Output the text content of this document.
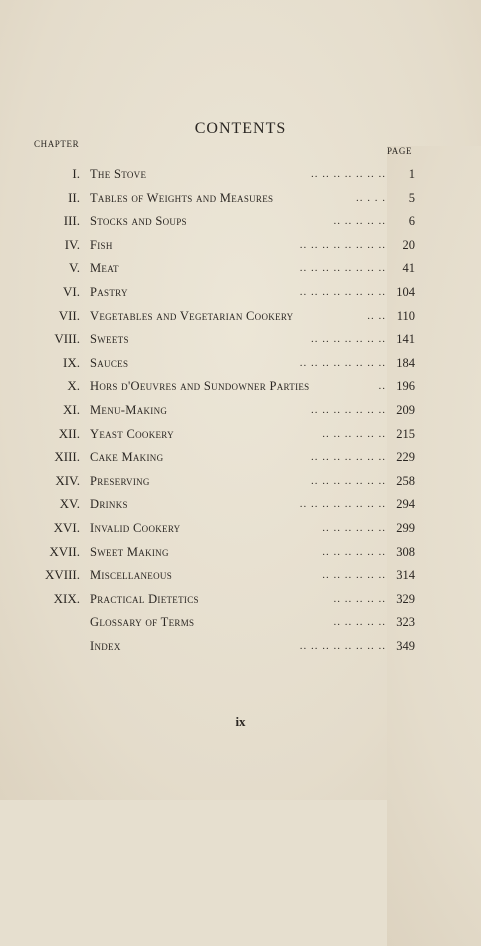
CONTENTS
CHAPTER
PAGE
.. .. .. .. .. .. ..
I. The Stove	1
.. . . .
II. Tables of Weights and Measures	5
.. .. .. .. ..
III. Stocks and Soups	6
.. .. .. .. .. .. .. ..
IV. Fish	20
.. .. .. .. .. .. .. ..
V. Meat	41
.. .. .. .. .. .. .. ..
VI. Pastry	104
.. ..
VII. Vegetables and Vegetarian Cookery	110
.. .. .. .. .. .. ..
VIII. Sweets	141
.. .. .. .. .. .. .. ..
IX. Sauces	184
..
X. Hors d'Oeuvres and Sundowner Parties	196
.. .. .. .. .. .. ..
XI. Menu-Making	209
.. .. .. .. .. ..
XII. Yeast Cookery	215
.. .. .. .. .. .. ..
XIII. Cake Making	229
.. .. .. .. .. .. ..
XIV. Preserving	258
.. .. .. .. .. .. .. ..
XV. Drinks	294
.. .. .. .. .. ..
XVI. Invalid Cookery	299
.. .. .. .. .. ..
XVII. Sweet Making	308
.. .. .. .. .. ..
XVIII. Miscellaneous	314
.. .. .. .. ..
XIX. Practical Dietetics	329
.. .. .. .. ..
Glossary of Terms	323
.. .. .. .. .. .. .. ..
Index	349
ix
